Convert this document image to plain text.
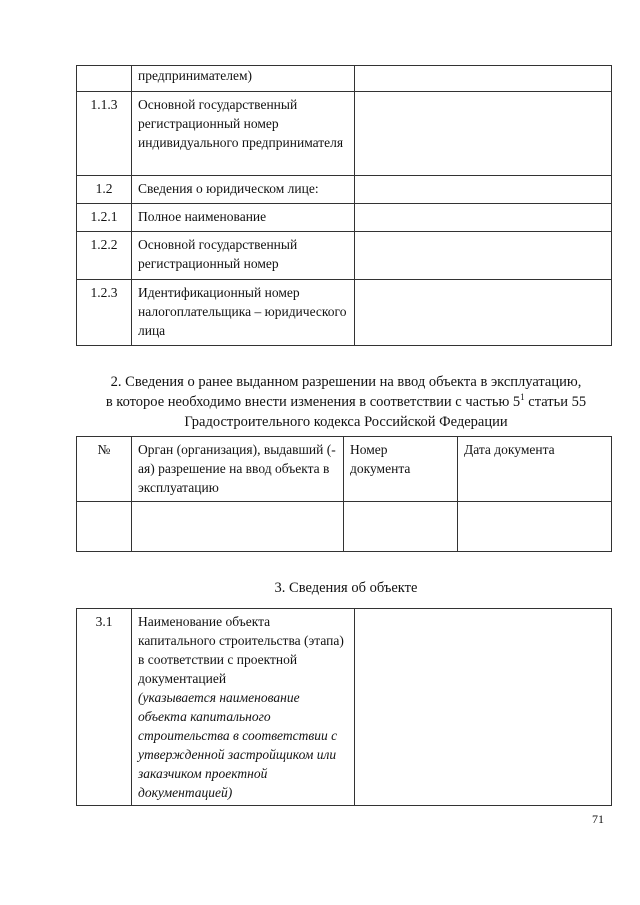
	предпринимателем)	
1.1.3	Основной государственный регистрационный номер индивидуального предпринимателя	
1.2	Сведения о юридическом лице:	
1.2.1	Полное наименование	
1.2.2	Основной государственный регистрационный номер	
1.2.3	Идентификационный номер налогоплательщика – юридического лица	
2. Сведения о ранее выданном разрешении на ввод объекта в эксплуатацию,
в которое необходимо внести изменения в соответствии с частью $5^1$ статьи 55
Градостроительного кодекса Российской Федерации
№	Орган (организация), выдавший (-ая) разрешение на ввод объекта в эксплуатацию	Номер документа	Дата документа

3. Сведения об объекте
3.1	Наименование объекта капитального строительства (этапа) в соответствии с проектной документацией
(указывается наименование объекта капитального строительства в соответствии с утвержденной застройщиком или заказчиком проектной документацией)

71
